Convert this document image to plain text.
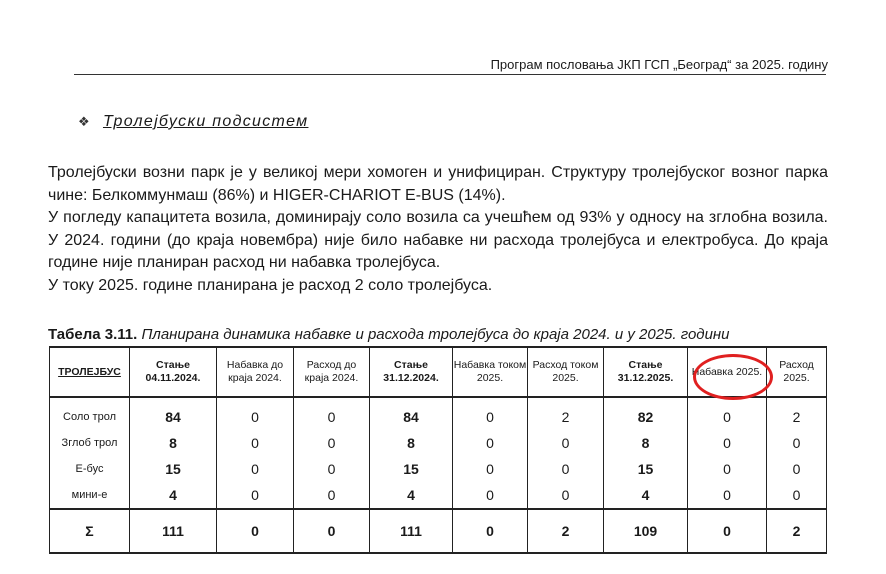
Програм пословања ЈКП ГСП „Београд“ за 2025. годину
❖ Тролејбуски подсистем

Тролејбуски возни парк је у великој мери хомоген и унифициран. Структуру тролејбуског возног парка чине: Белкоммунмаш (86%) и HIGER-CHARIOT E-BUS (14%).

У погледу капацитета возила, доминирају соло возила са учешћем од 93% у односу на зглобна возила. У 2024. години (до краја новембра) није било набавке ни расхода тролејбуса и електробуса. До краја године није планиран расход ни набавка тролејбуса.

У току 2025. године планирана је расход 2 соло тролејбуса.

Табела 3.11. Планирана динамика набавке и расхода тролејбуса до краја 2024. и у 2025. години
ТРОЛЕЈБУС	Стање 04.11.2024.	Набавка до краја 2024.	Расход до краја 2024.	Стање 31.12.2024.	Набавка током 2025.	Расход током 2025.	Стање 31.12.2025.	Набавка 2025.	Расход 2025.
Соло трол	84	0	0	84	0	2	82	0	2
Зглоб трол	8	0	0	8	0	0	8	0	0
Е-бус	15	0	0	15	0	0	15	0	0
мини-е	4	0	0	4	0	0	4	0	0
Σ	111	0	0	111	0	2	109	0	2
